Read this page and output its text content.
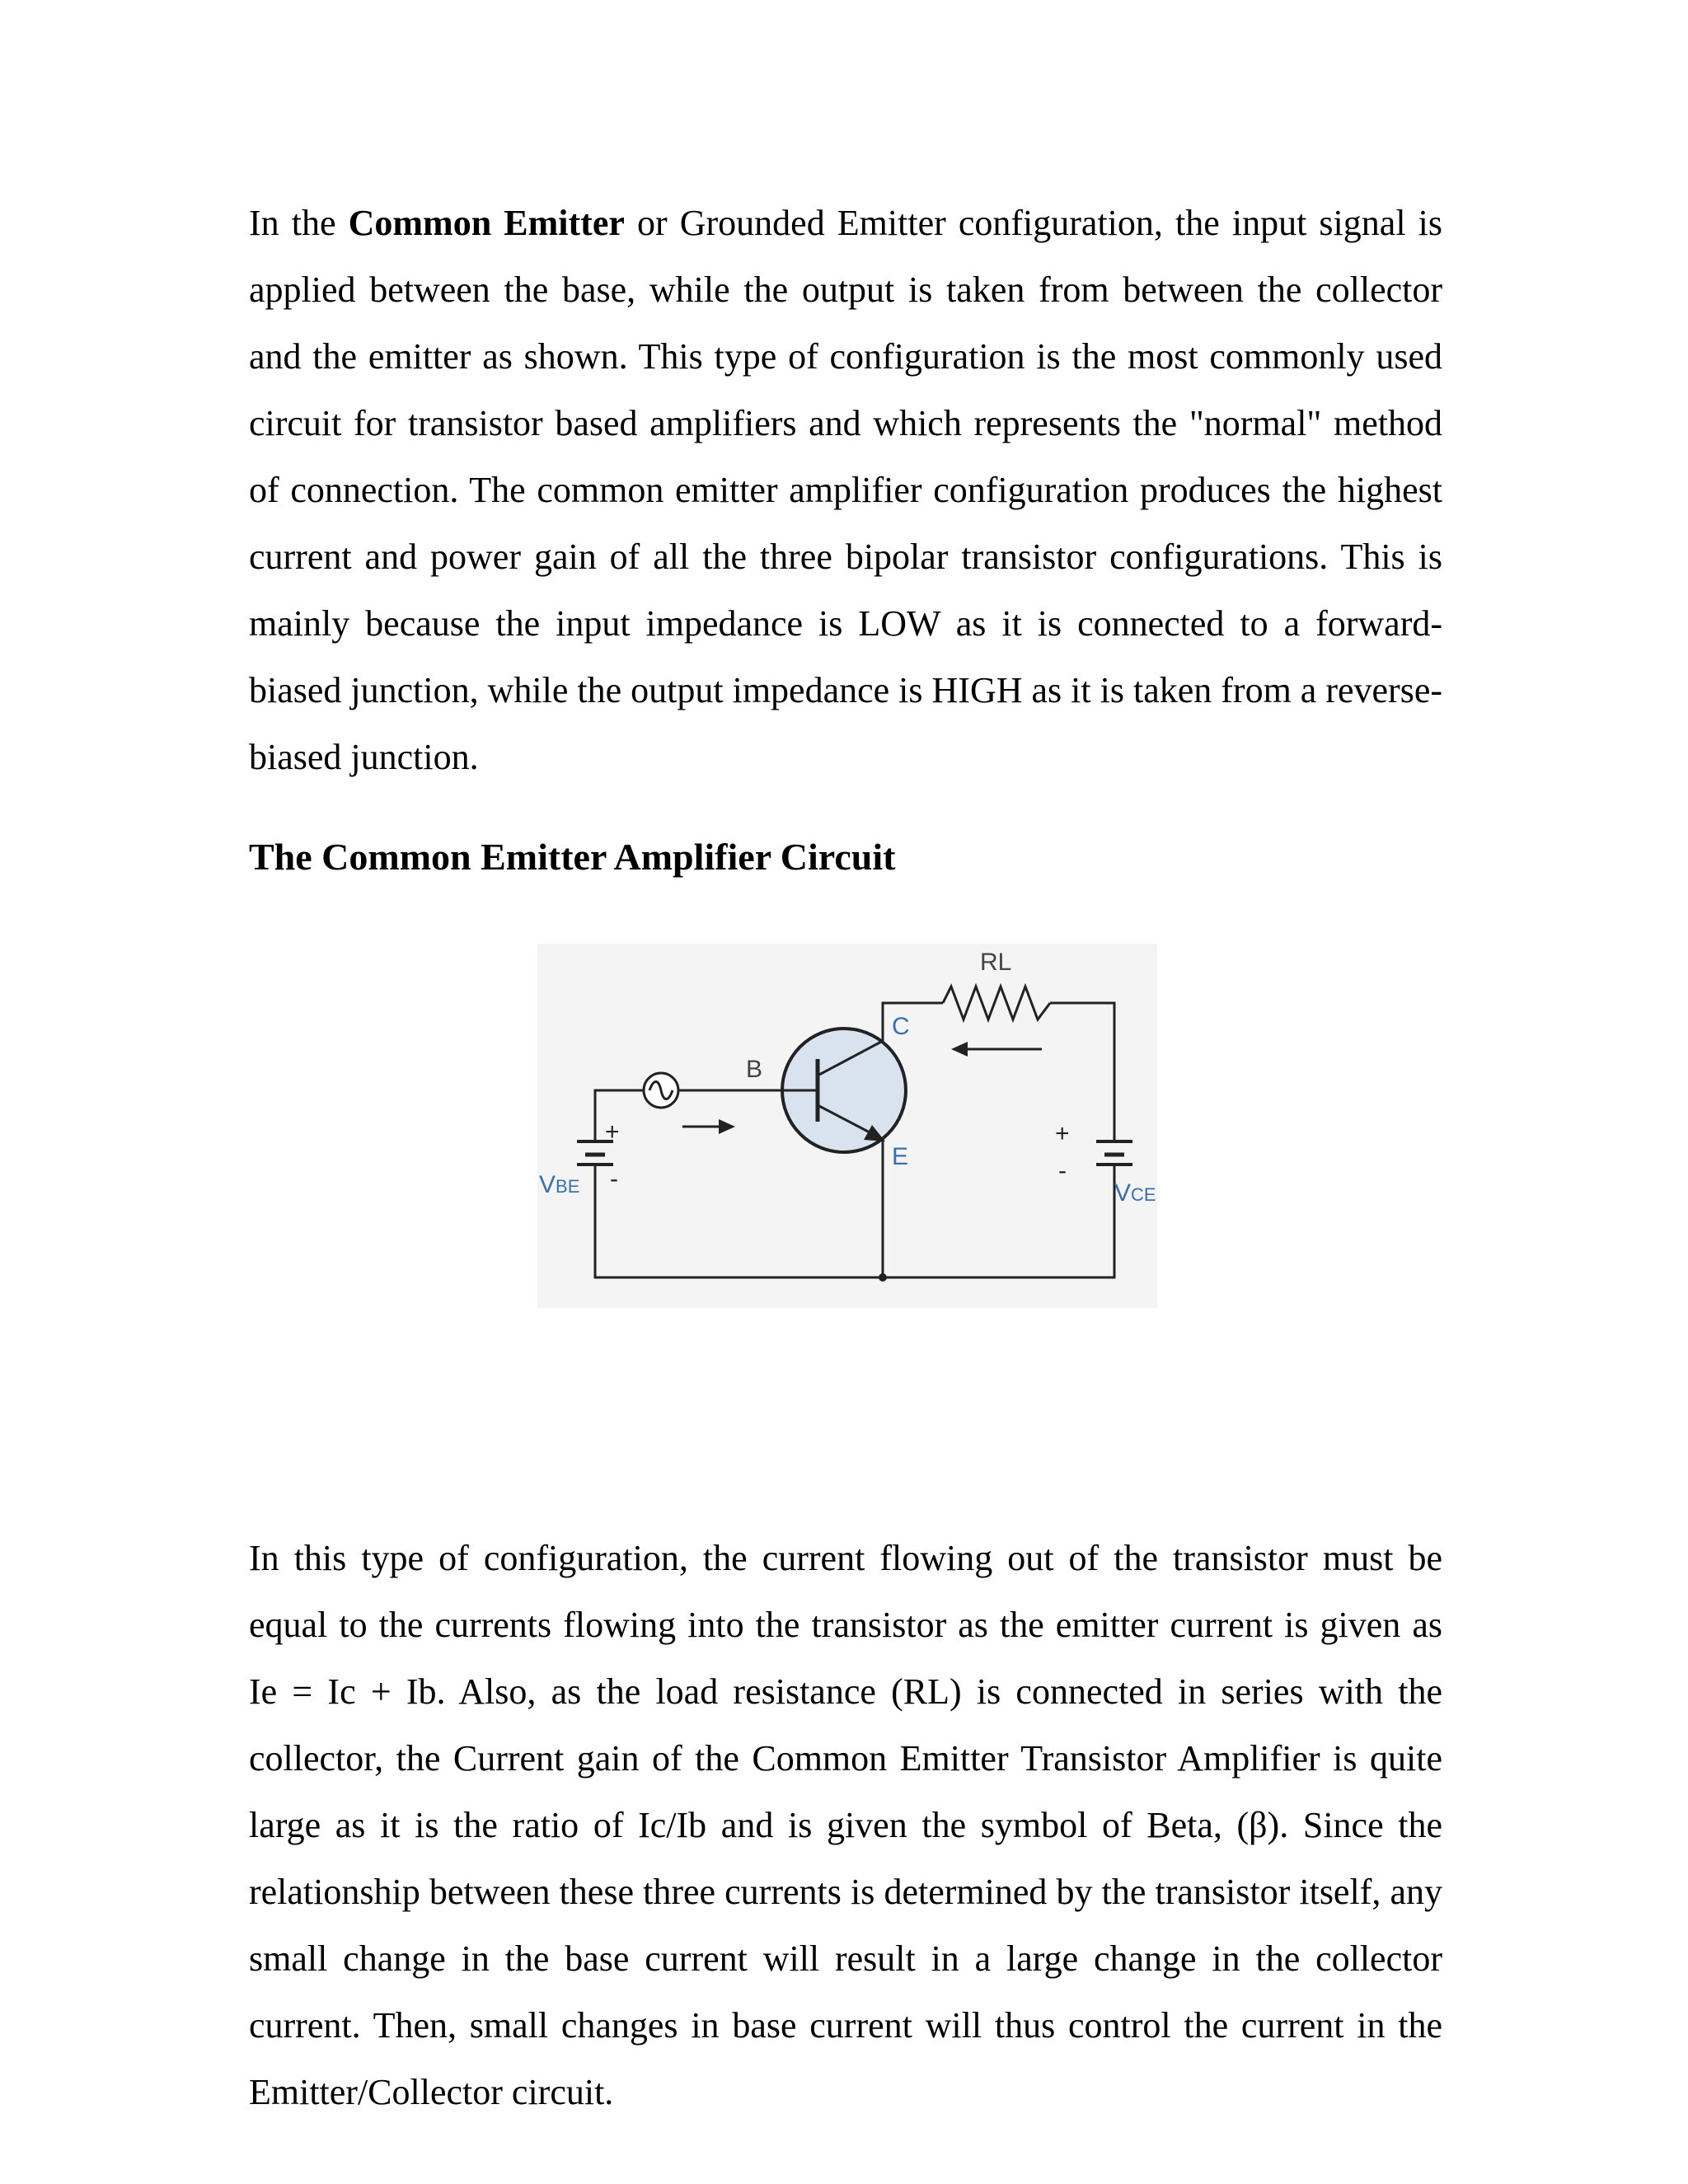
In the Common Emitter or Grounded Emitter configuration, the input signal is applied between the base, while the output is taken from between the collector and the emitter as shown. This type of configuration is the most commonly used circuit for transistor based amplifiers and which represents the "normal" method of connection. The common emitter amplifier configuration produces the highest current and power gain of all the three bipolar transistor configurations. This is mainly because the input impedance is LOW as it is connected to a forward-biased junction, while the output impedance is HIGH as it is taken from a reverse-biased junction.

The Common Emitter Amplifier Circuit
RL
C
B
E
+
-
+
-
VBE	VCE

In this type of configuration, the current flowing out of the transistor must be equal to the currents flowing into the transistor as the emitter current is given as Ie = Ic + Ib. Also, as the load resistance (RL) is connected in series with the collector, the Current gain of the Common Emitter Transistor Amplifier is quite large as it is the ratio of Ic/Ib and is given the symbol of Beta, (β). Since the relationship between these three currents is determined by the transistor itself, any small change in the base current will result in a large change in the collector current. Then, small changes in base current will thus control the current in the Emitter/Collector circuit.
